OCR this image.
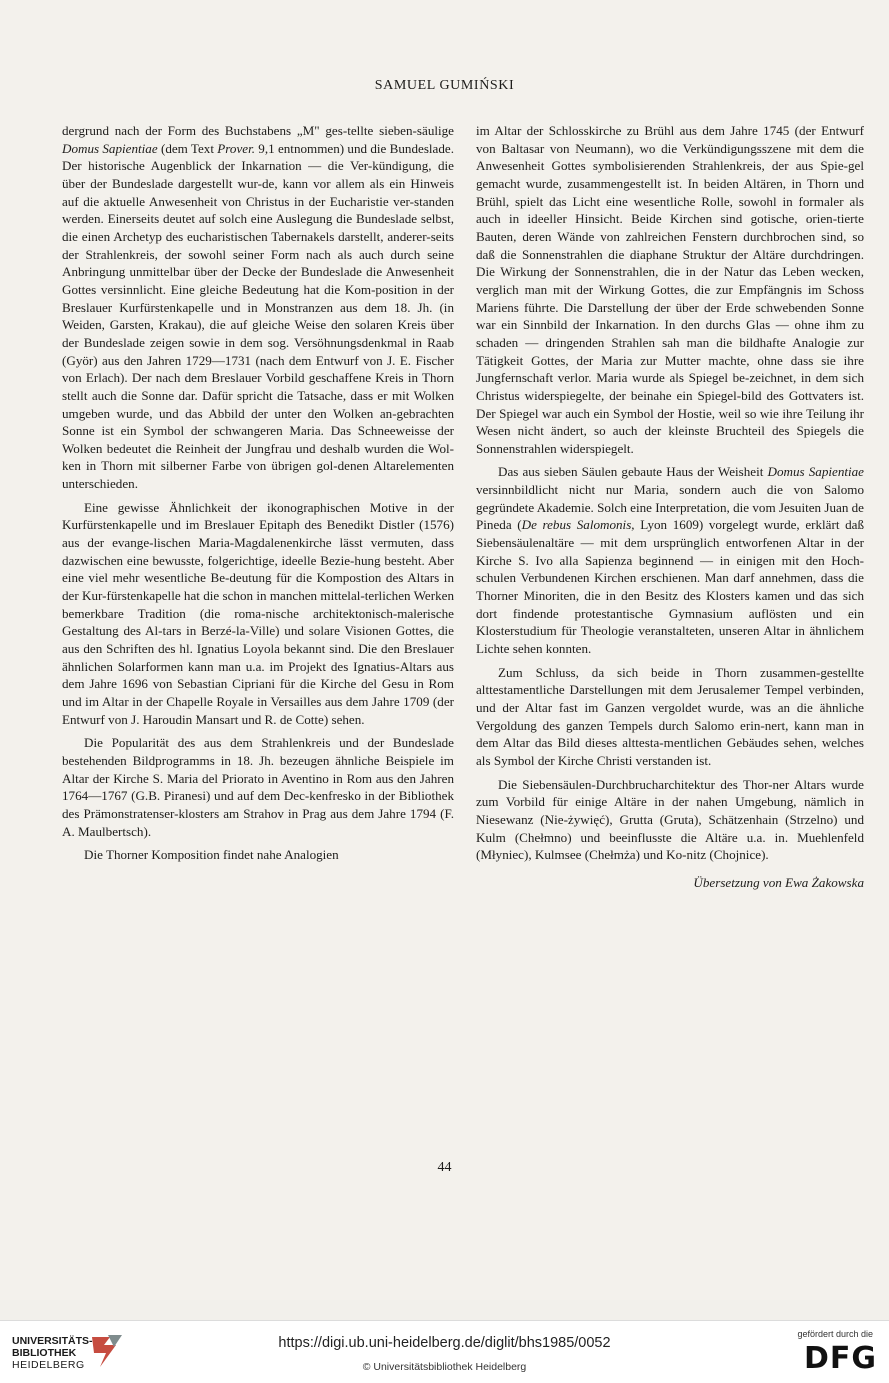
SAMUEL GUMIŃSKI

dergrund nach der Form des Buchstabens „M" ges-tellte sieben-säulige Domus Sapientiae (dem Text Prover. 9,1 entnommen) und die Bundeslade. Der historische Augenblick der Inkarnation — die Ver-kündigung, die über der Bundeslade dargestellt wur-de, kann vor allem als ein Hinweis auf die aktuelle Anwesenheit von Christus in der Eucharistie ver-standen werden. Einerseits deutet auf solch eine Auslegung die Bundeslade selbst, die einen Archetyp des eucharistischen Tabernakels darstellt, anderer-seits der Strahlenkreis, der sowohl seiner Form nach als auch durch seine Anbringung unmittelbar über der Decke der Bundeslade die Anwesenheit Gottes versinnlicht. Eine gleiche Bedeutung hat die Kom-position in der Breslauer Kurfürstenkapelle und in Monstranzen aus dem 18. Jh. (in Weiden, Garsten, Krakau), die auf gleiche Weise den solaren Kreis über der Bundeslade zeigen sowie in dem sog. Versöhnungsdenkmal in Raab (Györ) aus den Jahren 1729—1731 (nach dem Entwurf von J. E. Fischer von Erlach). Der nach dem Breslauer Vorbild geschaffene Kreis in Thorn stellt auch die Sonne dar. Dafür spricht die Tatsache, dass er mit Wolken umgeben wurde, und das Abbild der unter den Wolken an-gebrachten Sonne ist ein Symbol der schwangeren Maria. Das Schneeweisse der Wolken bedeutet die Reinheit der Jungfrau und deshalb wurden die Wol-ken in Thorn mit silberner Farbe von übrigen gol-denen Altarelementen unterschieden.

Eine gewisse Ähnlichkeit der ikonographischen Motive in der Kurfürstenkapelle und im Breslauer Epitaph des Benedikt Distler (1576) aus der evange-lischen Maria-Magdalenenkirche lässt vermuten, dass dazwischen eine bewusste, folgerichtige, ideelle Bezie-hung besteht. Aber eine viel mehr wesentliche Be-deutung für die Kompostion des Altars in der Kur-fürstenkapelle hat die schon in manchen mittelal-terlichen Werken bemerkbare Tradition (die roma-nische architektonisch-malerische Gestaltung des Al-tars in Berzé-la-Ville) und solare Visionen Gottes, die aus den Schriften des hl. Ignatius Loyola bekannt sind. Die den Breslauer ähnlichen Solarformen kann man u.a. im Projekt des Ignatius-Altars aus dem Jahre 1696 von Sebastian Cipriani für die Kirche del Gesu in Rom und im Altar in der Chapelle Royale in Versailles aus dem Jahre 1709 (der Entwurf von J. Haroudin Mansart und R. de Cotte) sehen.

Die Popularität des aus dem Strahlenkreis und der Bundeslade bestehenden Bildprogramms in 18. Jh. bezeugen ähnliche Beispiele im Altar der Kirche S. Maria del Priorato in Aventino in Rom aus den Jahren 1764—1767 (G.B. Piranesi) und auf dem Dec-kenfresko in der Bibliothek des Prämonstratenser-klosters am Strahov in Prag aus dem Jahre 1794 (F. A. Maulbertsch).

Die Thorner Komposition findet nahe Analogien

im Altar der Schlosskirche zu Brühl aus dem Jahre 1745 (der Entwurf von Baltasar von Neumann), wo die Verkündigungsszene mit dem die Anwesenheit Gottes symbolisierenden Strahlenkreis, der aus Spie-gel gemacht wurde, zusammengestellt ist. In beiden Altären, in Thorn und Brühl, spielt das Licht eine wesentliche Rolle, sowohl in formaler als auch in ideeller Hinsicht. Beide Kirchen sind gotische, orien-tierte Bauten, deren Wände von zahlreichen Fenstern durchbrochen sind, so daß die Sonnenstrahlen die diaphane Struktur der Altäre durchdringen. Die Wirkung der Sonnenstrahlen, die in der Natur das Leben wecken, verglich man mit der Wirkung Gottes, die zur Empfängnis im Schoss Mariens führte. Die Darstellung der über der Erde schwebenden Sonne war ein Sinnbild der Inkarnation. In den durchs Glas — ohne ihm zu schaden — dringenden Strahlen sah man die bildhafte Analogie zur Tätigkeit Gottes, der Maria zur Mutter machte, ohne dass sie ihre Jungfernschaft verlor. Maria wurde als Spiegel be-zeichnet, in dem sich Christus widerspiegelte, der beinahe ein Spiegel-bild des Gottvaters ist. Der Spiegel war auch ein Symbol der Hostie, weil so wie ihre Teilung ihr Wesen nicht ändert, so auch der kleinste Bruchteil des Spiegels die Sonnenstrahlen widerspiegelt.

Das aus sieben Säulen gebaute Haus der Weisheit Domus Sapientiae versinnbildlicht nicht nur Maria, sondern auch die von Salomo gegründete Akademie. Solch eine Interpretation, die vom Jesuiten Juan de Pineda (De rebus Salomonis, Lyon 1609) vorgelegt wurde, erklärt daß Siebensäulenaltäre — mit dem ursprünglich entworfenen Altar in der Kirche S. Ivo alla Sapienza beginnend — in einigen mit den Hoch-schulen Verbundenen Kirchen erschienen. Man darf annehmen, dass die Thorner Minoriten, die in den Besitz des Klosters kamen und das sich dort findende protestantische Gymnasium auflösten und ein Klosterstudium für Theologie veranstalteten, unseren Altar in ähnlichem Lichte sehen konnten.

Zum Schluss, da sich beide in Thorn zusammen-gestellte alttestamentliche Darstellungen mit dem Jerusalemer Tempel verbinden, und der Altar fast im Ganzen vergoldet wurde, was an die ähnliche Vergoldung des ganzen Tempels durch Salomo erin-nert, kann man in dem Altar das Bild dieses alttesta-mentlichen Gebäudes sehen, welches als Symbol der Kirche Christi verstanden ist.

Die Siebensäulen-Durchbrucharchitektur des Thor-ner Altars wurde zum Vorbild für einige Altäre in der nahen Umgebung, nämlich in Niesewanz (Nie-żywięć), Grutta (Gruta), Schätzenhain (Strzelno) und Kulm (Chełmno) und beeinflusste die Altäre u.a. in. Muehlenfeld (Młyniec), Kulmsee (Chełmża) und Ko-nitz (Chojnice).

Übersetzung von Ewa Żakowska

44
UNIVERSITÄTS-
BIBLIOTHEK
HEIDELBERG
https://digi.ub.uni-heidelberg.de/diglit/bhs1985/0052
© Universitätsbibliothek Heidelberg
gefördert durch die
DFG
